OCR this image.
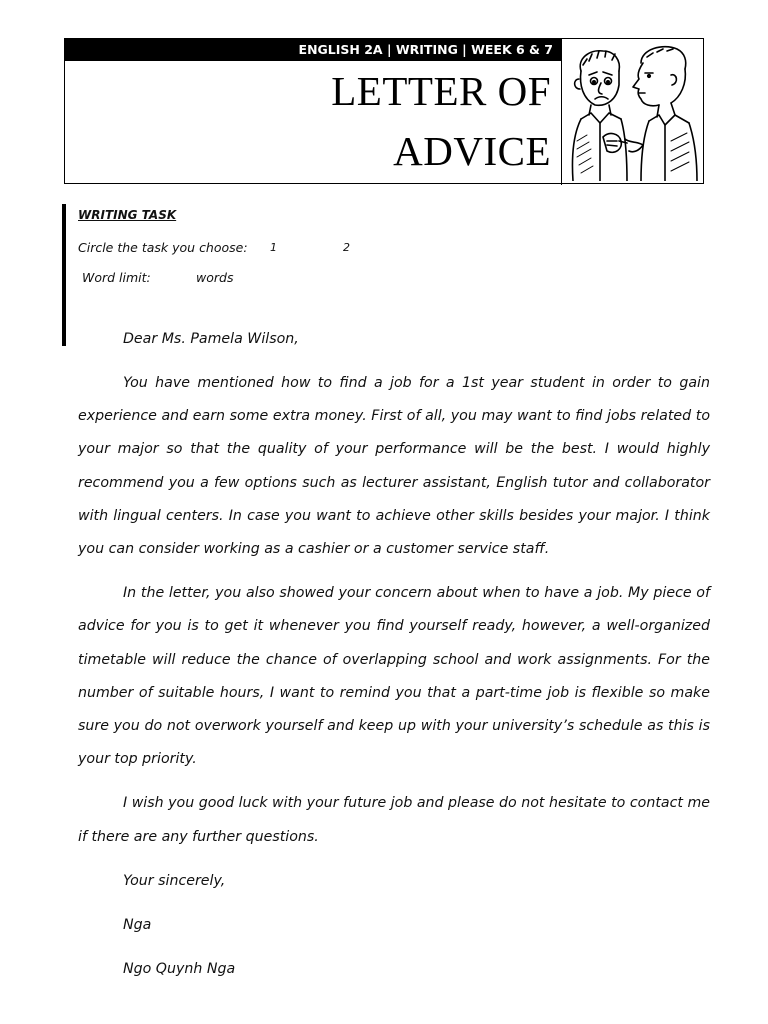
ENGLISH 2A | WRITING | WEEK 6 & 7
LETTER OF
ADVICE
WRITING TASK
Circle the task you choose: 1	2
Word limit:	words

Dear Ms. Pamela Wilson,

You have mentioned how to find a job for a 1st year student in order to gain experience and earn some extra money. First of all, you may want to find jobs related to your major so that the quality of your performance will be the best. I would highly recommend you a few options such as lecturer assistant, English tutor and collaborator with lingual centers. In case you want to achieve other skills besides your major. I think you can consider working as a cashier or a customer service staff.

In the letter, you also showed your concern about when to have a job. My piece of advice for you is to get it whenever you find yourself ready, however, a well-organized timetable will reduce the chance of overlapping school and work assignments. For the number of suitable hours, I want to remind you that a part-time job is flexible so make sure you do not overwork yourself and keep up with your university’s schedule as this is your top priority.

I wish you good luck with your future job and please do not hesitate to contact me if there are any further questions.

Your sincerely,

Nga

Ngo Quynh Nga
